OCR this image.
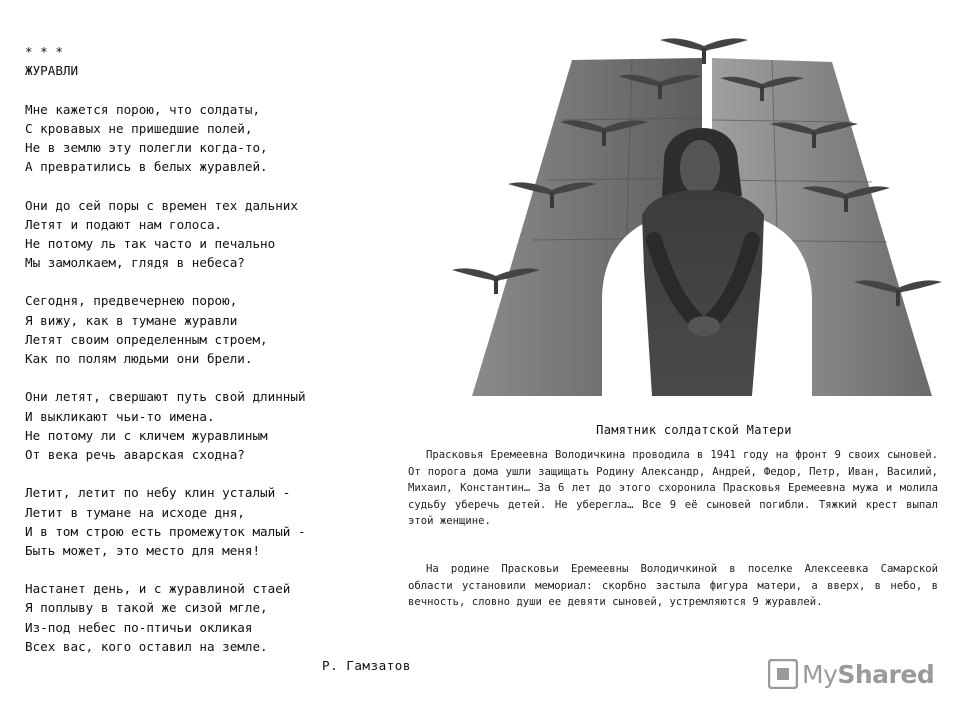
* * *
ЖУРАВЛИ
Мне кажется порою, что солдаты,
С кровавых не пришедшие полей,
Не в землю эту полегли когда-то,
А превратились в белых журавлей.
Они до сей поры с времен тех дальних
Летят и подают нам голоса.
Не потому ль так часто и печально
Мы замолкаем, глядя в небеса?
Сегодня, предвечернею порою,
Я вижу, как в тумане журавли
Летят своим определенным строем,
Как по полям людьми они брели.
Они летят, свершают путь свой длинный
И выкликают чьи-то имена.
Не потому ли с кличем журавлиным
От века речь аварская сходна?
Летит, летит по небу клин усталый -
Летит в тумане на исходе дня,
И в том строю есть промежуток малый -
Быть может, это место для меня!
Настанет день, и с журавлиной стаей
Я поплыву в такой же сизой мгле,
Из-под небес по-птичьи окликая
Всех вас, кого оставил на земле.
Р. Гамзатов
Памятник солдатской Матери
Прасковья Еремеевна Володичкина проводила в 1941 году на фронт 9 своих сыновей. От порога дома ушли защищать Родину Александр, Андрей, Федор, Петр, Иван, Василий, Михаил, Константин… За 6 лет до этого схоронила Прасковья Еремеевна мужа и молила судьбу уберечь детей. Не уберегла… Все 9 её сыновей погибли. Тяжкий крест выпал этой женщине.
На родине Прасковьи Еремеевны Володичкиной в поселке Алексеевка Самарской области установили мемориал: скорбно застыла фигура матери, а вверх, в небо, в вечность, словно души ее девяти сыновей, устремляются 9 журавлей.
My Shared
